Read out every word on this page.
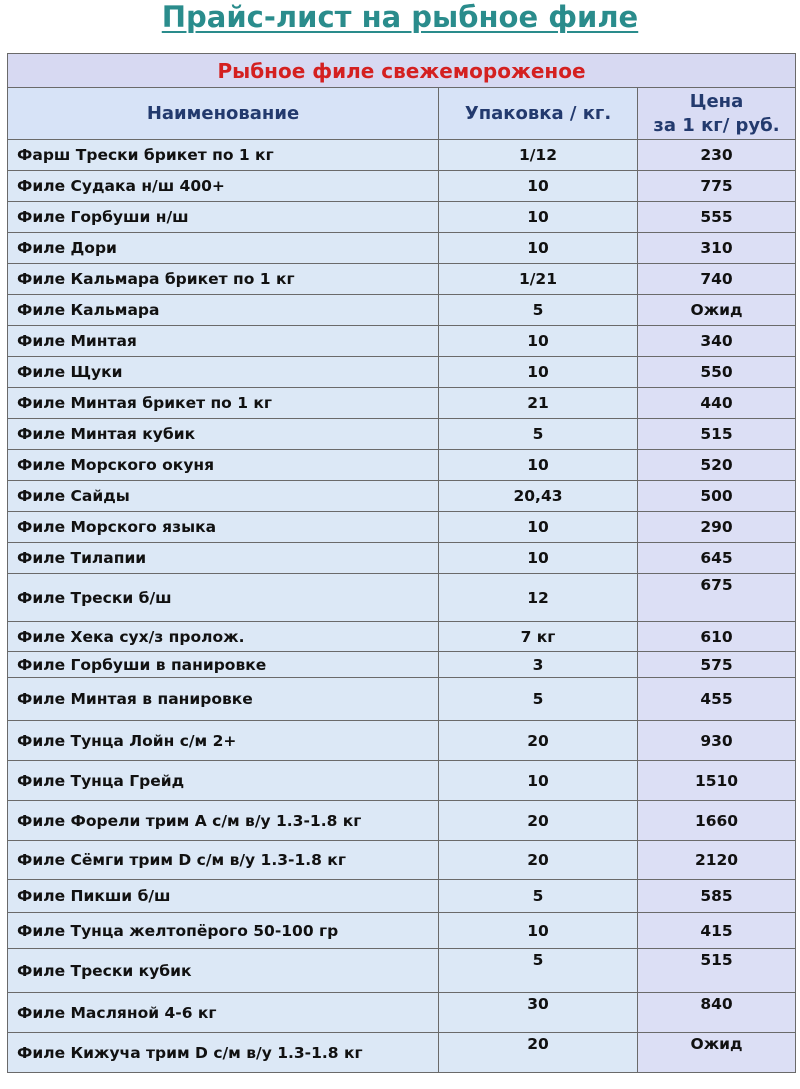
Прайс-лист на рыбное филе
Рыбное филе свежемороженое		
Наименование	Упаковка / кг.	Цена
за 1 кг/ руб.
Фарш Трески брикет по 1 кг	1/12	230
Филе Судака н/ш 400+	10	775
Филе Горбуши н/ш	10	555
Филе Дори	10	310
Филе Кальмара брикет по 1 кг	1/21	740
Филе Кальмара	5	Ожид
Филе Минтая	10	340
Филе Щуки	10	550
Филе Минтая брикет по 1 кг	21	440
Филе Минтая кубик	5	515
Филе Морского окуня	10	520
Филе Сайды	20,43	500
Филе Морского языка	10	290
Филе Тилапии	10	645
Филе Трески б/ш	12	675
Филе Хека сух/з пролож.	7 кг	610
Филе Горбуши в панировке	3	575
Филе Минтая в панировке	5	455
Филе Тунца Лойн с/м 2+	20	930
Филе Тунца Грейд	10	1510
Филе Форели трим А с/м в/у 1.3-1.8 кг	20	1660
Филе Сёмги трим D с/м в/у 1.3-1.8 кг	20	2120
Филе Пикши б/ш	5	585
Филе Тунца желтопёрого 50-100 гр	10	415
Филе Трески кубик	5	515
Филе Масляной 4-6 кг	30	840
Филе Кижуча трим D с/м в/у 1.3-1.8 кг	20	Ожид
